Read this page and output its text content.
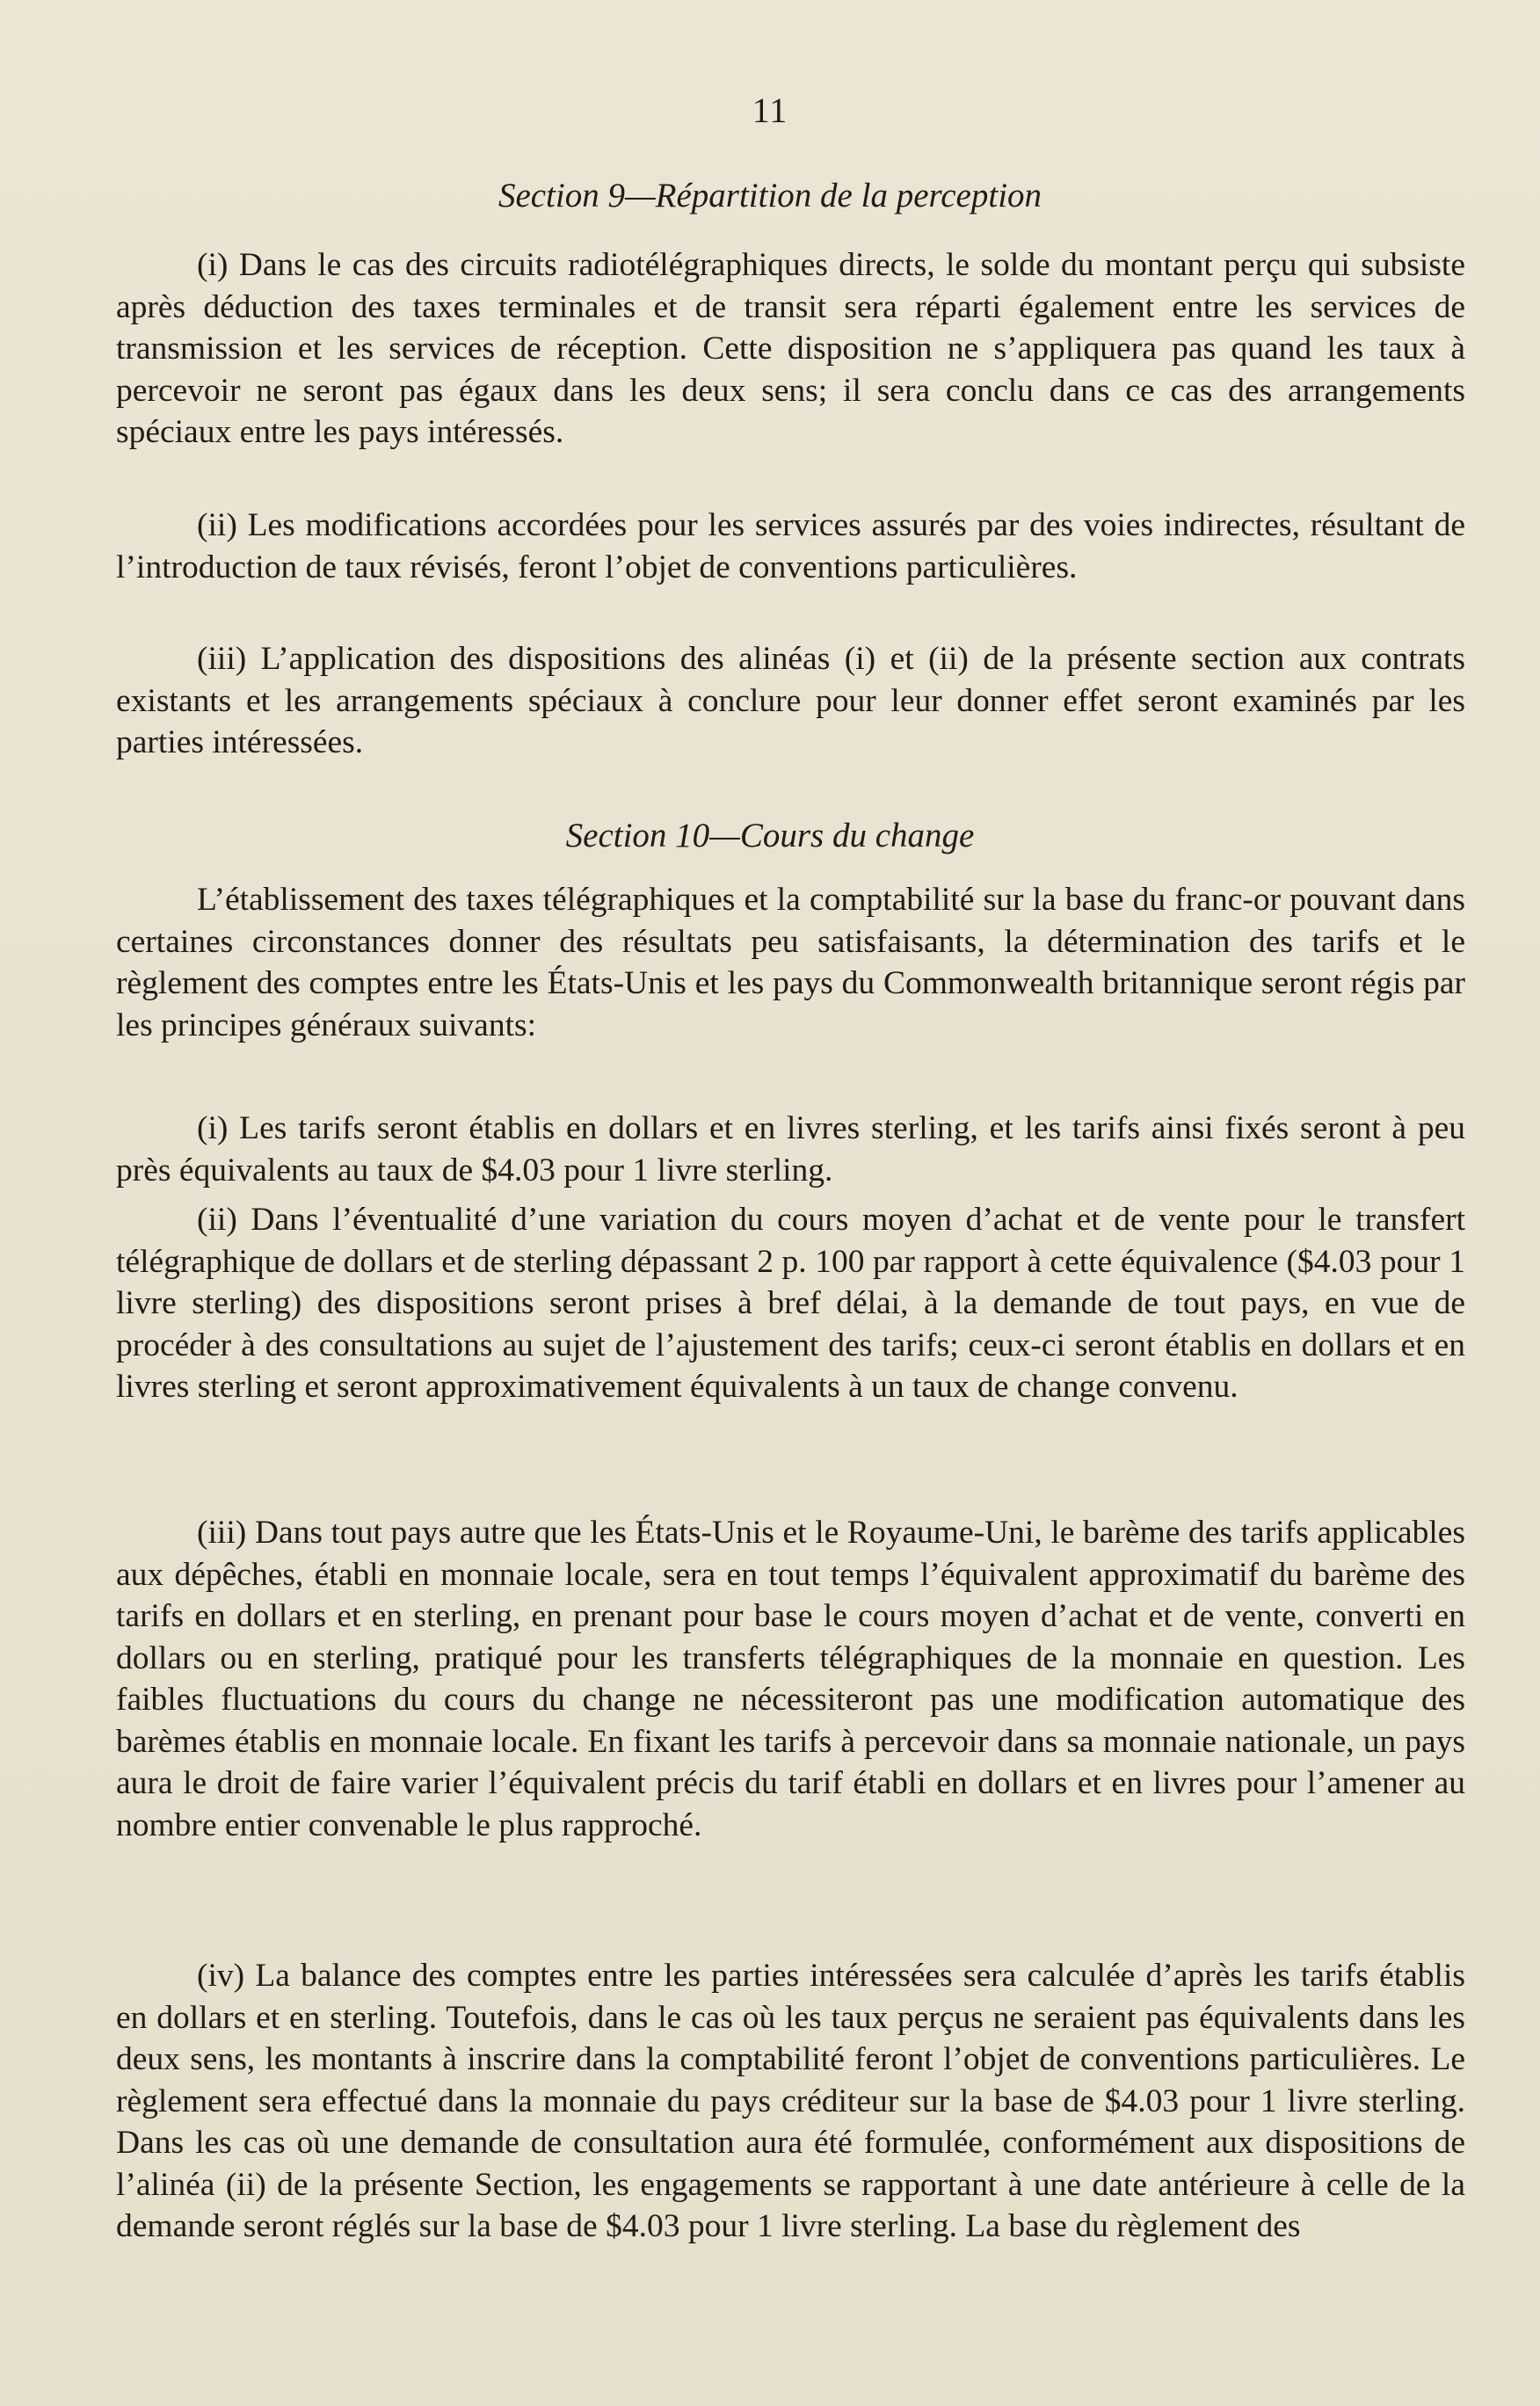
11
Section 9—Répartition de la perception

(i) Dans le cas des circuits radiotélégraphiques directs, le solde du montant perçu qui subsiste après déduction des taxes terminales et de transit sera réparti également entre les services de transmission et les services de réception. Cette disposition ne s’appliquera pas quand les taux à percevoir ne seront pas égaux dans les deux sens; il sera conclu dans ce cas des arrangements spéciaux entre les pays intéressés.

(ii) Les modifications accordées pour les services assurés par des voies indirectes, résultant de l’introduction de taux révisés, feront l’objet de conventions particulières.

(iii) L’application des dispositions des alinéas (i) et (ii) de la présente section aux contrats existants et les arrangements spéciaux à conclure pour leur donner effet seront examinés par les parties intéressées.

Section 10—Cours du change

L’établissement des taxes télégraphiques et la comptabilité sur la base du franc-or pouvant dans certaines circonstances donner des résultats peu satisfaisants, la détermination des tarifs et le règlement des comptes entre les États-Unis et les pays du Commonwealth britannique seront régis par les principes généraux suivants:

(i) Les tarifs seront établis en dollars et en livres sterling, et les tarifs ainsi fixés seront à peu près équivalents au taux de $4.03 pour 1 livre sterling.

(ii) Dans l’éventualité d’une variation du cours moyen d’achat et de vente pour le transfert télégraphique de dollars et de sterling dépassant 2 p. 100 par rapport à cette équivalence ($4.03 pour 1 livre sterling) des dispositions seront prises à bref délai, à la demande de tout pays, en vue de procéder à des consultations au sujet de l’ajustement des tarifs; ceux-ci seront établis en dollars et en livres sterling et seront approximativement équivalents à un taux de change convenu.

(iii) Dans tout pays autre que les États-Unis et le Royaume-Uni, le barème des tarifs applicables aux dépêches, établi en monnaie locale, sera en tout temps l’équivalent approximatif du barème des tarifs en dollars et en sterling, en prenant pour base le cours moyen d’achat et de vente, converti en dollars ou en sterling, pratiqué pour les transferts télégraphiques de la monnaie en question. Les faibles fluctuations du cours du change ne nécessiteront pas une modification automatique des barèmes établis en monnaie locale. En fixant les tarifs à percevoir dans sa monnaie nationale, un pays aura le droit de faire varier l’équivalent précis du tarif établi en dollars et en livres pour l’amener au nombre entier convenable le plus rapproché.

(iv) La balance des comptes entre les parties intéressées sera calculée d’après les tarifs établis en dollars et en sterling. Toutefois, dans le cas où les taux perçus ne seraient pas équivalents dans les deux sens, les montants à inscrire dans la comptabilité feront l’objet de conventions particulières. Le règlement sera effectué dans la monnaie du pays créditeur sur la base de $4.03 pour 1 livre sterling. Dans les cas où une demande de consultation aura été formulée, conformément aux dispositions de l’alinéa (ii) de la présente Section, les engagements se rapportant à une date antérieure à celle de la demande seront réglés sur la base de $4.03 pour 1 livre sterling. La base du règlement des
